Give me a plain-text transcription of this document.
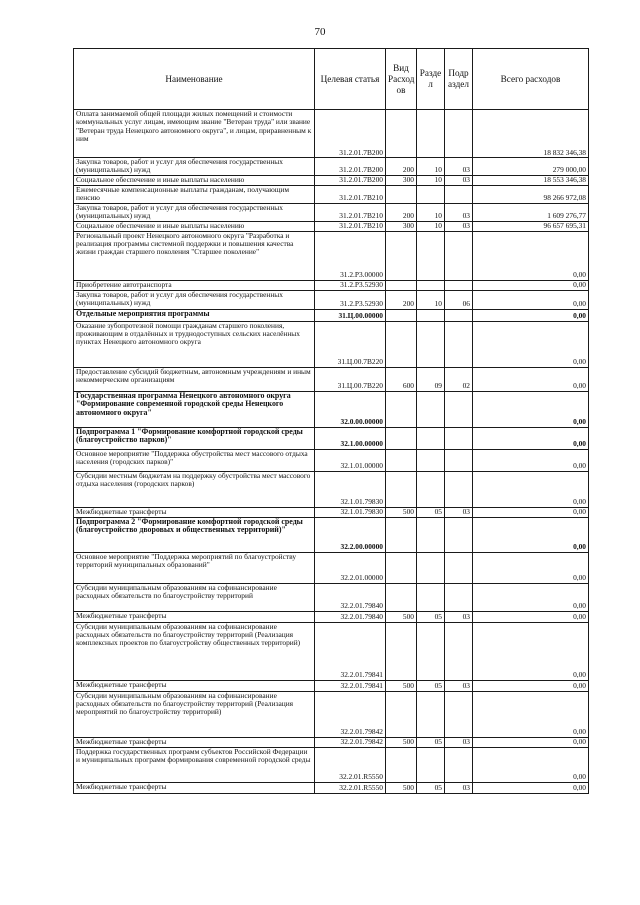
70
Наименование	Целевая статья	Вид Расход ов	Разде л	Подр аздел	Всего расходов
Оплата занимаемой общей площади жилых помещений и стоимости коммунальных услуг лицам, имеющим звание "Ветеран труда" или звание "Ветеран труда Ненецкого автономного округа", и лицам, приравненным к ним	31.2.01.7В200				18 832 346,38
Закупка товаров, работ и услуг для обеспечения государственных (муниципальных) нужд	31.2.01.7В200	200	10	03	279 000,00
Социальное обеспечение и иные выплаты населению	31.2.01.7В200	300	10	03	18 553 346,38
Ежемесячные компенсационные выплаты гражданам, получающим пенсию	31.2.01.7В210				98 266 972,08
Закупка товаров, работ и услуг для обеспечения государственных (муниципальных) нужд	31.2.01.7В210	200	10	03	1 609 276,77
Социальное обеспечение и иные выплаты населению	31.2.01.7В210	300	10	03	96 657 695,31
Региональный проект Ненецкого автономного округа "Разработка и реализация программы системной поддержки и повышения качества жизни граждан старшего поколения "Старшее поколение"	31.2.Р3.00000				0,00
Приобретение автотранспорта	31.2.Р3.52930				0,00
Закупка товаров, работ и услуг для обеспечения государственных (муниципальных) нужд	31.2.Р3.52930	200	10	06	0,00
Отдельные мероприятия программы	31.Ц.00.00000				0,00
Оказание зубопротезной помощи гражданам старшего поколения, проживающим в отдалённых и труднодоступных сельских населённых пунктах Ненецкого автономного округа	31.Ц.00.7В220				0,00
Предоставление субсидий бюджетным, автономным учреждениям и иным некоммерческим организациям	31.Ц.00.7В220	600	09	02	0,00
Государственная программа Ненецкого автономного округа "Формирование современной городской среды Ненецкого автономного округа"	32.0.00.00000				0,00
Подпрограмма 1 "Формирование комфортной городской среды (благоустройство парков)"	32.1.00.00000				0,00
Основное мероприятие "Поддержка обустройства мест массового отдыха населения (городских парков)"	32.1.01.00000				0,00
Субсидии местным бюджетам на поддержку обустройства мест массового отдыха населения (городских парков)	32.1.01.79830				0,00
Межбюджетные трансферты	32.1.01.79830	500	05	03	0,00
Подпрограмма 2 "Формирование комфортной городской среды (благоустройство дворовых и общественных территорий)"	32.2.00.00000				0,00
Основное мероприятие "Поддержка мероприятий по благоустройству территорий муниципальных образований"	32.2.01.00000				0,00
Субсидии муниципальным образованиям на софинансирование расходных обязательств по благоустройству территорий	32.2.01.79840				0,00
Межбюджетные трансферты	32.2.01.79840	500	05	03	0,00
Субсидии муниципальным образованиям на софинансирование расходных обязательств по благоустройству территорий (Реализация комплексных проектов по благоустройству общественных территорий)	32.2.01.79841				0,00
Межбюджетные трансферты	32.2.01.79841	500	05	03	0,00
Субсидии муниципальным образованиям на софинансирование расходных обязательств по благоустройству территорий (Реализация мероприятий по благоустройству территорий)	32.2.01.79842				0,00
Межбюджетные трансферты	32.2.01.79842	500	05	03	0,00
Поддержка государственных программ субъектов Российской Федерации и муниципальных программ формирования современной городской среды	32.2.01.R5550				0,00
Межбюджетные трансферты	32.2.01.R5550	500	05	03	0,00
